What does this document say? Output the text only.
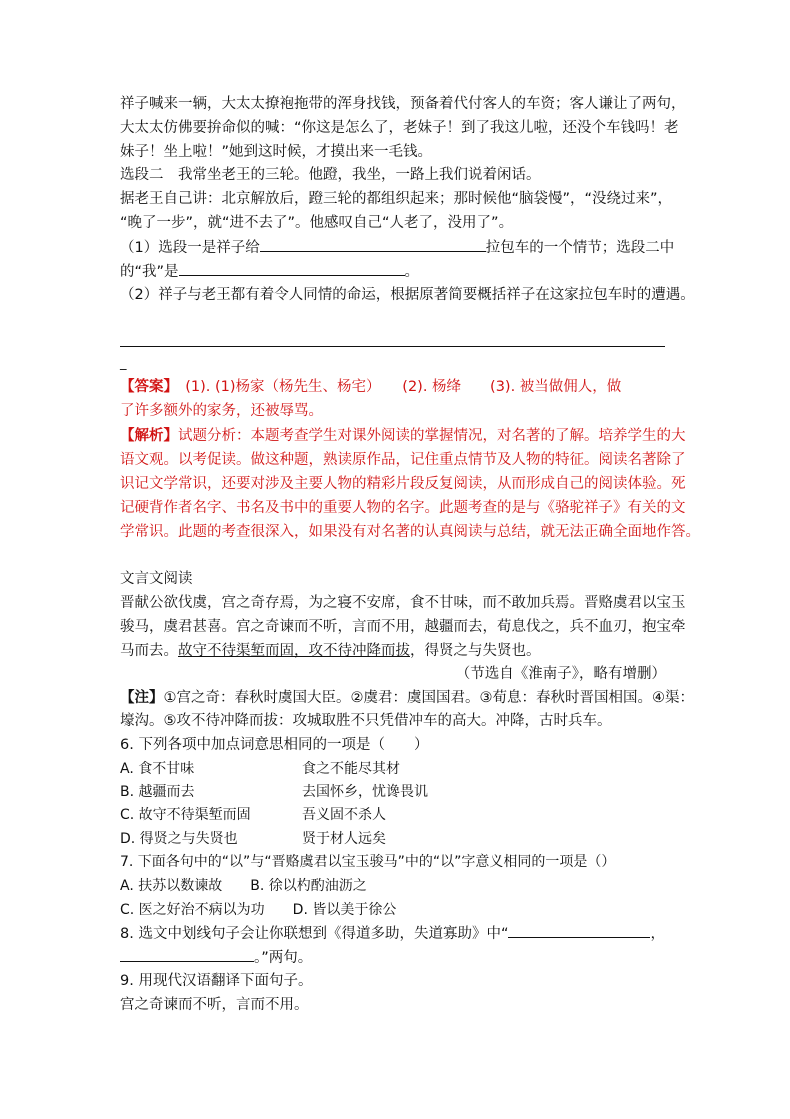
祥子喊来一辆，大太太撩袍拖带的浑身找钱，预备着代付客人的车资；客人谦让了两句，
大太太仿佛要拚命似的喊：“你这是怎么了，老妹子！到了我这儿啦，还没个车钱吗！老
妹子！坐上啦！”她到这时候，才摸出来一毛钱。
选段二　我常坐老王的三轮。他蹬，我坐，一路上我们说着闲话。
据老王自己讲：北京解放后，蹬三轮的都组织起来；那时候他“脑袋慢”，“没绕过来”，
“晚了一步”，就“进不去了”。他感叹自己“人老了，没用了”。
（1）选段一是祥子给	拉包车的一个情节；选段二中
的“我”是	。
（2）祥子与老王都有着令人同情的命运，根据原著简要概括祥子在这家拉包车时的遭遇。
_
【答案】　(1). (1)杨家（杨先生、杨宅）　　(2). 杨绛　　(3). 被当做佣人，做
了许多额外的家务，还被辱骂。
【解析】试题分析：本题考查学生对课外阅读的掌握情况，对名著的了解。培养学生的大
语文观。以考促读。做这种题，熟读原作品，记住重点情节及人物的特征。阅读名著除了
识记文学常识，还要对涉及主要人物的精彩片段反复阅读，从而形成自己的阅读体验。死
记硬背作者名字、书名及书中的重要人物的名字。此题考查的是与《骆驼祥子》有关的文
学常识。此题的考查很深入，如果没有对名著的认真阅读与总结，就无法正确全面地作答。
文言文阅读
晋献公欲伐虞，宫之奇存焉，为之寝不安席，食不甘味，而不敢加兵焉。晋赂虞君以宝玉
骏马，虞君甚喜。宫之奇谏而不听，言而不用，越疆而去，荀息伐之，兵不血刃，抱宝牵
马而去。故守不待渠堑而固，攻不待冲降而拔，得贤之与失贤也。
（节选自《淮南子》，略有增删）
【注】①宫之奇：春秋时虞国大臣。②虞君：虞国国君。③荀息：春秋时晋国相国。④渠：
壕沟。⑤攻不待冲降而拔：攻城取胜不只凭借冲车的高大。冲降，古时兵车。
6. 下列各项中加点词意思相同的一项是（　　）
A. 食不甘味	食之不能尽其材
B. 越疆而去	去国怀乡，忧谗畏讥
C. 故守不待渠堑而固	吾义固不杀人
D. 得贤之与失贤也	贤于材人远矣
7. 下面各句中的“以”与“晋赂虞君以宝玉骏马”中的“以”字意义相同的一项是（）
A. 扶苏以数谏故　　B. 徐以杓酌油沥之
C. 医之好治不病以为功　　D. 皆以美于徐公
8. 选文中划线句子会让你联想到《得道多助，失道寡助》中“	，
。”两句。
9. 用现代汉语翻译下面句子。
宫之奇谏而不听，言而不用。
